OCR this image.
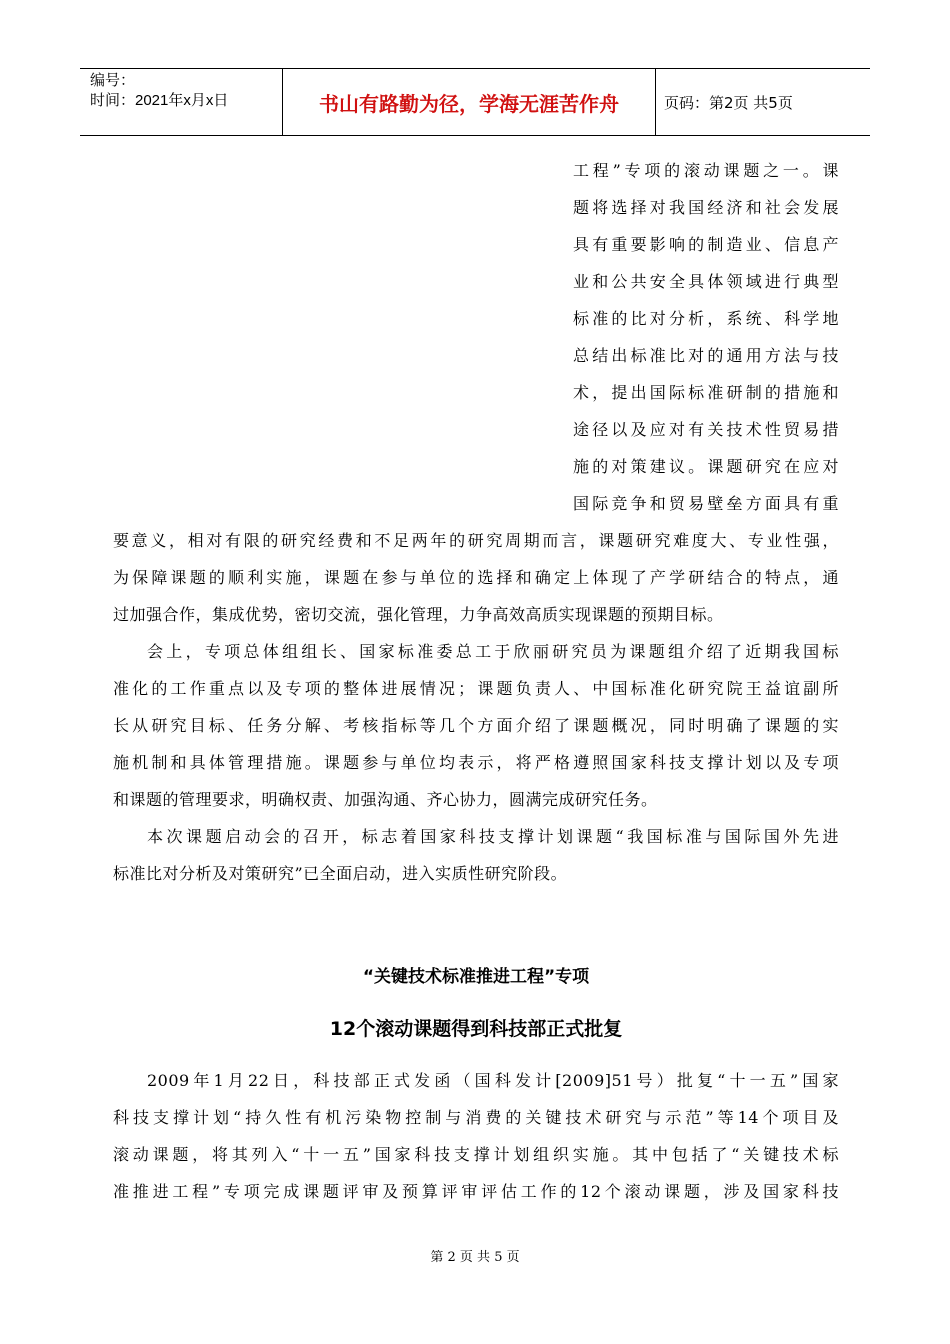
编号：
时间：2021年x月x日	书山有路勤为径，学海无涯苦作舟	页码：第2页 共5页
工程”专项的滚动课题之一。课
题将选择对我国经济和社会发展
具有重要影响的制造业、信息产
业和公共安全具体领域进行典型
标准的比对分析，系统、科学地
总结出标准比对的通用方法与技
术，提出国际标准研制的措施和
途径以及应对有关技术性贸易措
施的对策建议。课题研究在应对
国际竞争和贸易壁垒方面具有重
要意义，相对有限的研究经费和不足两年的研究周期而言，课题研究难度大、专业性强，
为保障课题的顺利实施，课题在参与单位的选择和确定上体现了产学研结合的特点，通
过加强合作，集成优势，密切交流，强化管理，力争高效高质实现课题的预期目标。
会上，专项总体组组长、国家标准委总工于欣丽研究员为课题组介绍了近期我国标
准化的工作重点以及专项的整体进展情况；课题负责人、中国标准化研究院王益谊副所
长从研究目标、任务分解、考核指标等几个方面介绍了课题概况，同时明确了课题的实
施机制和具体管理措施。课题参与单位均表示，将严格遵照国家科技支撑计划以及专项
和课题的管理要求，明确权责、加强沟通、齐心协力，圆满完成研究任务。
本次课题启动会的召开，标志着国家科技支撑计划课题“我国标准与国际国外先进
标准比对分析及对策研究”已全面启动，进入实质性研究阶段。
“关键技术标准推进工程”专项
12个滚动课题得到科技部正式批复
2009年1月22日，科技部正式发函（国科发计[2009]51号）批复“十一五”国家
科技支撑计划“持久性有机污染物控制与消费的关键技术研究与示范”等14个项目及
滚动课题，将其列入“十一五”国家科技支撑计划组织实施。其中包括了“关键技术标
准推进工程”专项完成课题评审及预算评审评估工作的12个滚动课题，涉及国家科技
第 2 页 共 5 页
